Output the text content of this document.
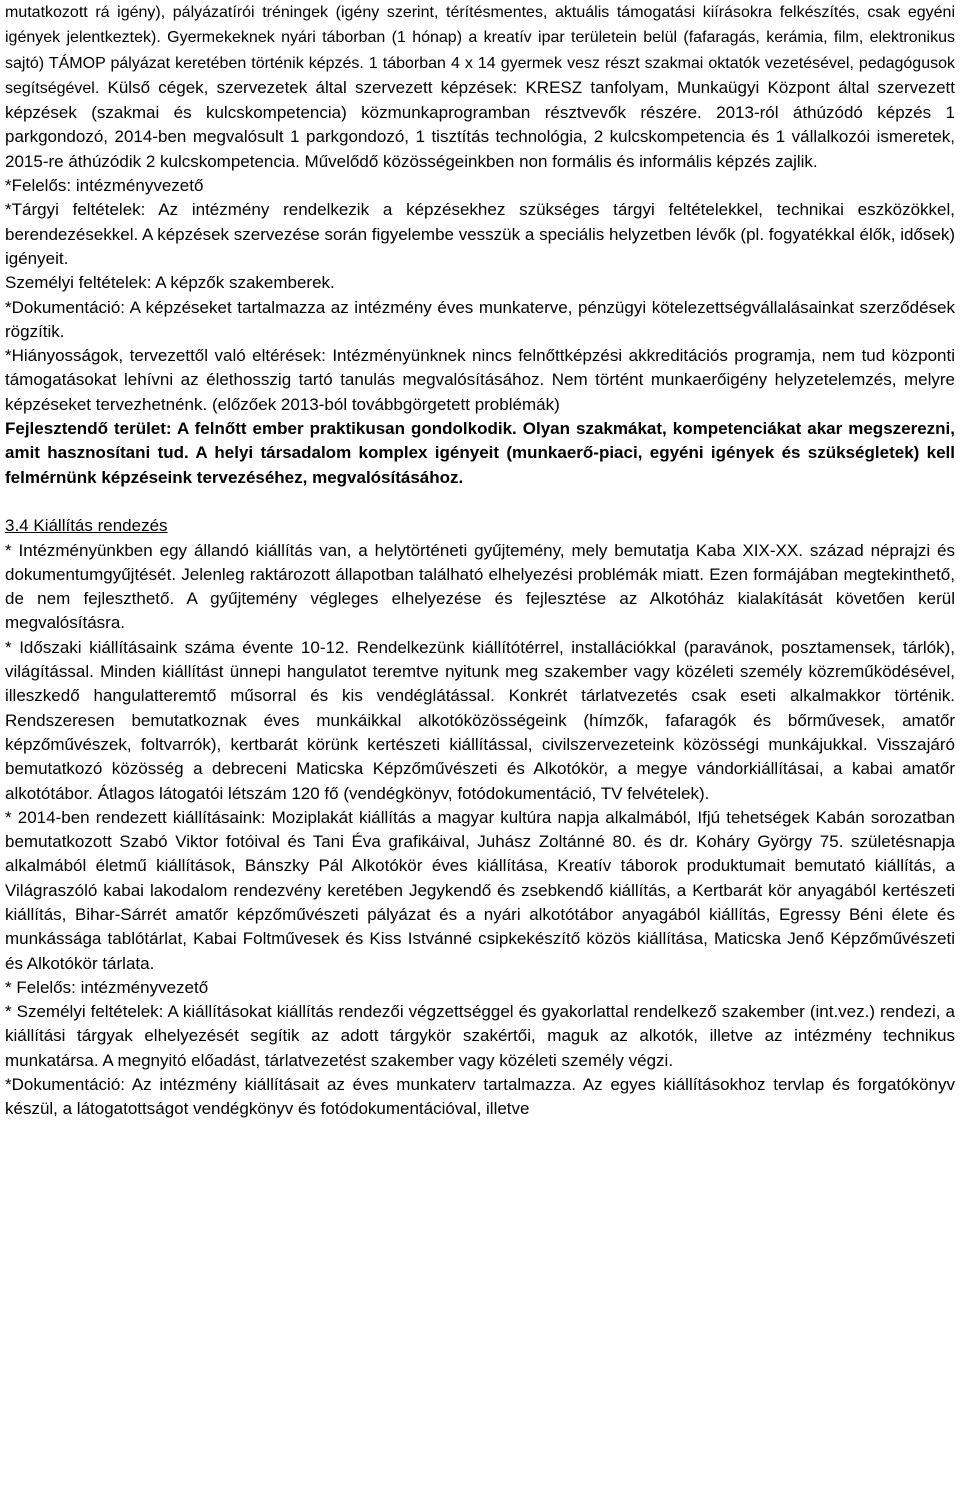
mutatkozott rá igény), pályázatírói tréningek (igény szerint, térítésmentes, aktuális támogatási kiírásokra felkészítés, csak egyéni igények jelentkeztek). Gyermekeknek nyári táborban (1 hónap) a kreatív ipar területein belül (fafaragás, kerámia, film, elektronikus sajtó) TÁMOP pályázat keretében történik képzés. 1 táborban 4 x 14 gyermek vesz részt szakmai oktatók vezetésével, pedagógusok segítségével. Külső cégek, szervezetek által szervezett képzések: KRESZ tanfolyam, Munkaügyi Központ által szervezett képzések (szakmai és kulcskompetencia) közmunkaprogramban résztvevők részére. 2013-ról áthúzódó képzés 1 parkgondozó, 2014-ben megvalósult 1 parkgondozó, 1 tisztítás technológia, 2 kulcskompetencia és 1 vállalkozói ismeretek, 2015-re áthúzódik 2 kulcskompetencia. Művelődő közösségeinkben non formális és informális képzés zajlik.

*Felelős: intézményvezető

*Tárgyi feltételek: Az intézmény rendelkezik a képzésekhez szükséges tárgyi feltételekkel, technikai eszközökkel, berendezésekkel. A képzések szervezése során figyelembe vesszük a speciális helyzetben lévők (pl. fogyatékkal élők, idősek) igényeit.

Személyi feltételek: A képzők szakemberek.

*Dokumentáció: A képzéseket tartalmazza az intézmény éves munkaterve, pénzügyi kötelezettségvállalásainkat szerződések rögzítik.

*Hiányosságok, tervezettől való eltérések: Intézményünknek nincs felnőttképzési akkreditációs programja, nem tud központi támogatásokat lehívni az élethosszig tartó tanulás megvalósításához. Nem történt munkaerőigény helyzetelemzés, melyre képzéseket tervezhetnénk. (előzőek 2013-ból továbbgörgetett problémák)

Fejlesztendő terület: A felnőtt ember praktikusan gondolkodik. Olyan szakmákat, kompetenciákat akar megszerezni, amit hasznosítani tud. A helyi társadalom komplex igényeit (munkaerő-piaci, egyéni igények és szükségletek) kell felmérnünk képzéseink tervezéséhez, megvalósításához.

3.4 Kiállítás rendezés

* Intézményünkben egy állandó kiállítás van, a helytörténeti gyűjtemény, mely bemutatja Kaba XIX-XX. század néprajzi és dokumentumgyűjtését. Jelenleg raktározott állapotban található elhelyezési problémák miatt. Ezen formájában megtekinthető, de nem fejleszthető. A gyűjtemény végleges elhelyezése és fejlesztése az Alkotóház kialakítását követően kerül megvalósításra.

* Időszaki kiállításaink száma évente 10-12. Rendelkezünk kiállítótérrel, installációkkal (paravánok, posztamensek, tárlók), világítással. Minden kiállítást ünnepi hangulatot teremtve nyitunk meg szakember vagy közéleti személy közreműködésével, illeszkedő hangulatteremtő műsorral és kis vendéglátással. Konkrét tárlatvezetés csak eseti alkalmakkor történik. Rendszeresen bemutatkoznak éves munkáikkal alkotóközösségeink (hímzők, fafaragók és bőrművesek, amatőr képzőművészek, foltvarrók), kertbarát körünk kertészeti kiállítással, civilszervezeteink közösségi munkájukkal. Visszajáró bemutatkozó közösség a debreceni Maticska Képzőművészeti és Alkotókör, a megye vándorkiállításai, a kabai amatőr alkotótábor. Átlagos látogatói létszám 120 fő (vendégkönyv, fotódokumentáció, TV felvételek).

* 2014-ben rendezett kiállításaink: Moziplakát kiállítás a magyar kultúra napja alkalmából, Ifjú tehetségek Kabán sorozatban bemutatkozott Szabó Viktor fotóival és Tani Éva grafikáival, Juhász Zoltánné 80. és dr. Koháry György 75. születésnapja alkalmából életmű kiállítások, Bánszky Pál Alkotókör éves kiállítása, Kreatív táborok produktumait bemutató kiállítás, a Világraszóló kabai lakodalom rendezvény keretében Jegykendő és zsebkendő kiállítás, a Kertbarát kör anyagából kertészeti kiállítás, Bihar-Sárrét amatőr képzőművészeti pályázat és a nyári alkotótábor anyagából kiállítás, Egressy Béni élete és munkássága tablótárlat, Kabai Foltművesek és Kiss Istvánné csipkekészítő közös kiállítása, Maticska Jenő Képzőművészeti és Alkotókör tárlata.

* Felelős: intézményvezető

* Személyi feltételek: A kiállításokat kiállítás rendezői végzettséggel és gyakorlattal rendelkező szakember (int.vez.) rendezi, a kiállítási tárgyak elhelyezését segítik az adott tárgykör szakértői, maguk az alkotók, illetve az intézmény technikus munkatársa. A megnyitó előadást, tárlatvezetést szakember vagy közéleti személy végzi.

*Dokumentáció: Az intézmény kiállításait az éves munkaterv tartalmazza. Az egyes kiállításokhoz tervlap és forgatókönyv készül, a látogatottságot vendégkönyv és fotódokumentációval, illetve
